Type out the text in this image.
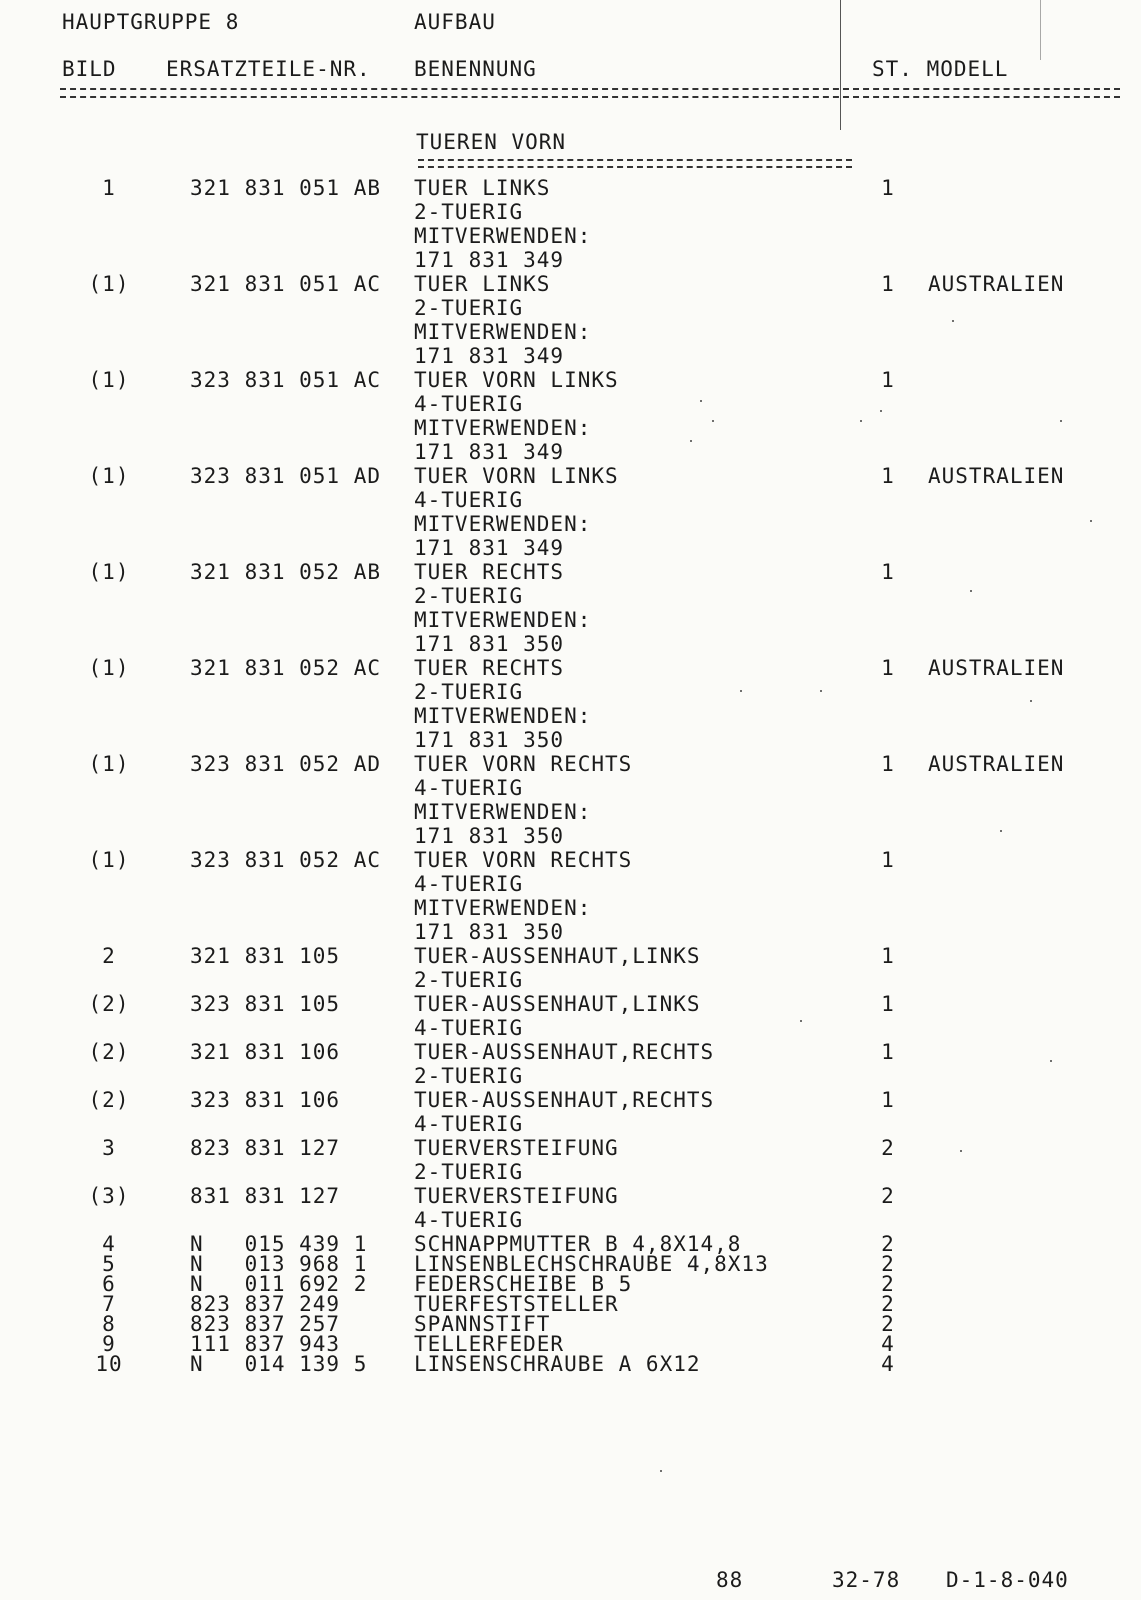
HAUPTGRUPPE 8	AUFBAU
BILD ERSATZTEILE-NR. BENENNUNG	ST. MODELL
TUEREN VORN
1	321 831 051 AB TUER LINKS	1
2-TUERIG
MITVERWENDEN:
171 831 349
(1)	321 831 051 AC TUER LINKS	1 AUSTRALIEN
2-TUERIG
MITVERWENDEN:
171 831 349
(1)	323 831 051 AC TUER VORN LINKS	1
4-TUERIG
MITVERWENDEN:
171 831 349
(1)	323 831 051 AD TUER VORN LINKS	1 AUSTRALIEN
4-TUERIG
MITVERWENDEN:
171 831 349
(1)	321 831 052 AB TUER RECHTS	1
2-TUERIG
MITVERWENDEN:
171 831 350
(1)	321 831 052 AC TUER RECHTS	1 AUSTRALIEN
2-TUERIG
MITVERWENDEN:
171 831 350
(1)	323 831 052 AD TUER VORN RECHTS	1 AUSTRALIEN
4-TUERIG
MITVERWENDEN:
171 831 350
(1)	323 831 052 AC TUER VORN RECHTS	1
4-TUERIG
MITVERWENDEN:
171 831 350
2	321 831 105	TUER-AUSSENHAUT,LINKS	1
2-TUERIG
(2)	323 831 105	TUER-AUSSENHAUT,LINKS	1
4-TUERIG
(2)	321 831 106	TUER-AUSSENHAUT,RECHTS	1
2-TUERIG
(2)	323 831 106	TUER-AUSSENHAUT,RECHTS	1
4-TUERIG
3	823 831 127	TUERVERSTEIFUNG	2
2-TUERIG
(3)	831 831 127	TUERVERSTEIFUNG	2
4-TUERIG
4	N   015 439 1 SCHNAPPMUTTER B 4,8X14,8	2
5	N   013 968 1 LINSENBLECHSCHRAUBE 4,8X13	2
6	N   011 692 2 FEDERSCHEIBE B 5	2
7	823 837 249	TUERFESTSTELLER	2
8	823 837 257	SPANNSTIFT	2
9	111 837 943	TELLERFEDER	4
10	N   014 139 5 LINSENSCHRAUBE A 6X12	4
88	32-78 D-1-8-040
